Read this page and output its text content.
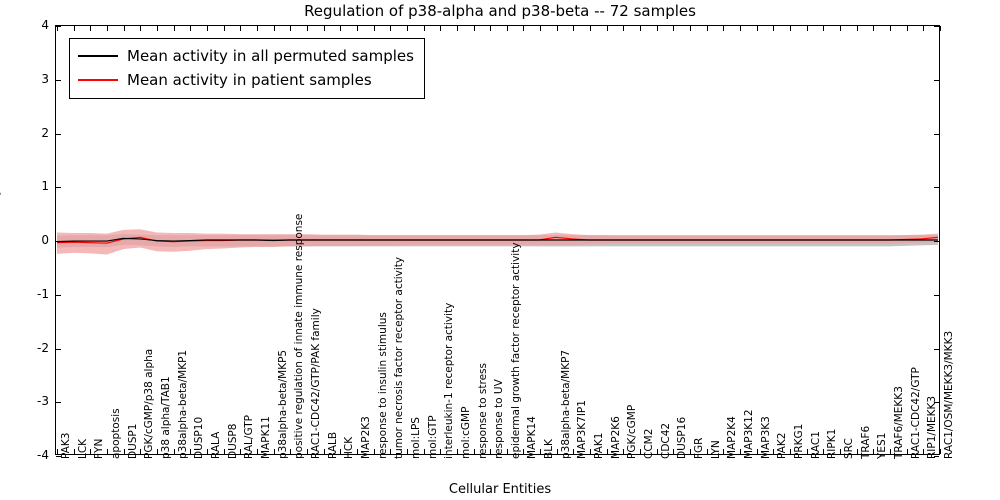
Regulation of p38-alpha and p38-beta -- 72 samples
Mean activity in all permuted samples
Mean activity in patient samples
Cellular Entities
-4
-3
-2
-1
0
1
2
3
4
PAK3 LCK FYN apoptosis DUSP1 PGK/cGMP/p38 alpha p38 alpha/TAB1 p38alpha-beta/MKP1 DUSP10 RALA DUSP8 RAL/GTP MAPK11 p38alpha-beta/MKP5 positive regulation of innate immune response RAC1-CDC42/GTP/PAK family RALB HCK MAP2K3 response to insulin stimulus tumor necrosis factor receptor activity mol:LPS mol:GTP interleukin-1 receptor activity mol:cGMP response to stress response to UV epidermal growth factor receptor activity MAPK14 BLK p38alpha-beta/MKP7 MAP3K7IP1 PAK1 MAP2K6 PGK/cGMP CCM2 CDC42 DUSP16 FGR LYN MAP2K4 MAP3K12 MAP3K3 PAK2 PRKG1 RAC1 RIPK1 SRC TRAF6 YES1 TRAF6/MEKK3 RAC1-CDC42/GTP RIP1/MEKK3 RAC1/OSM/MEKK3/MKK3
